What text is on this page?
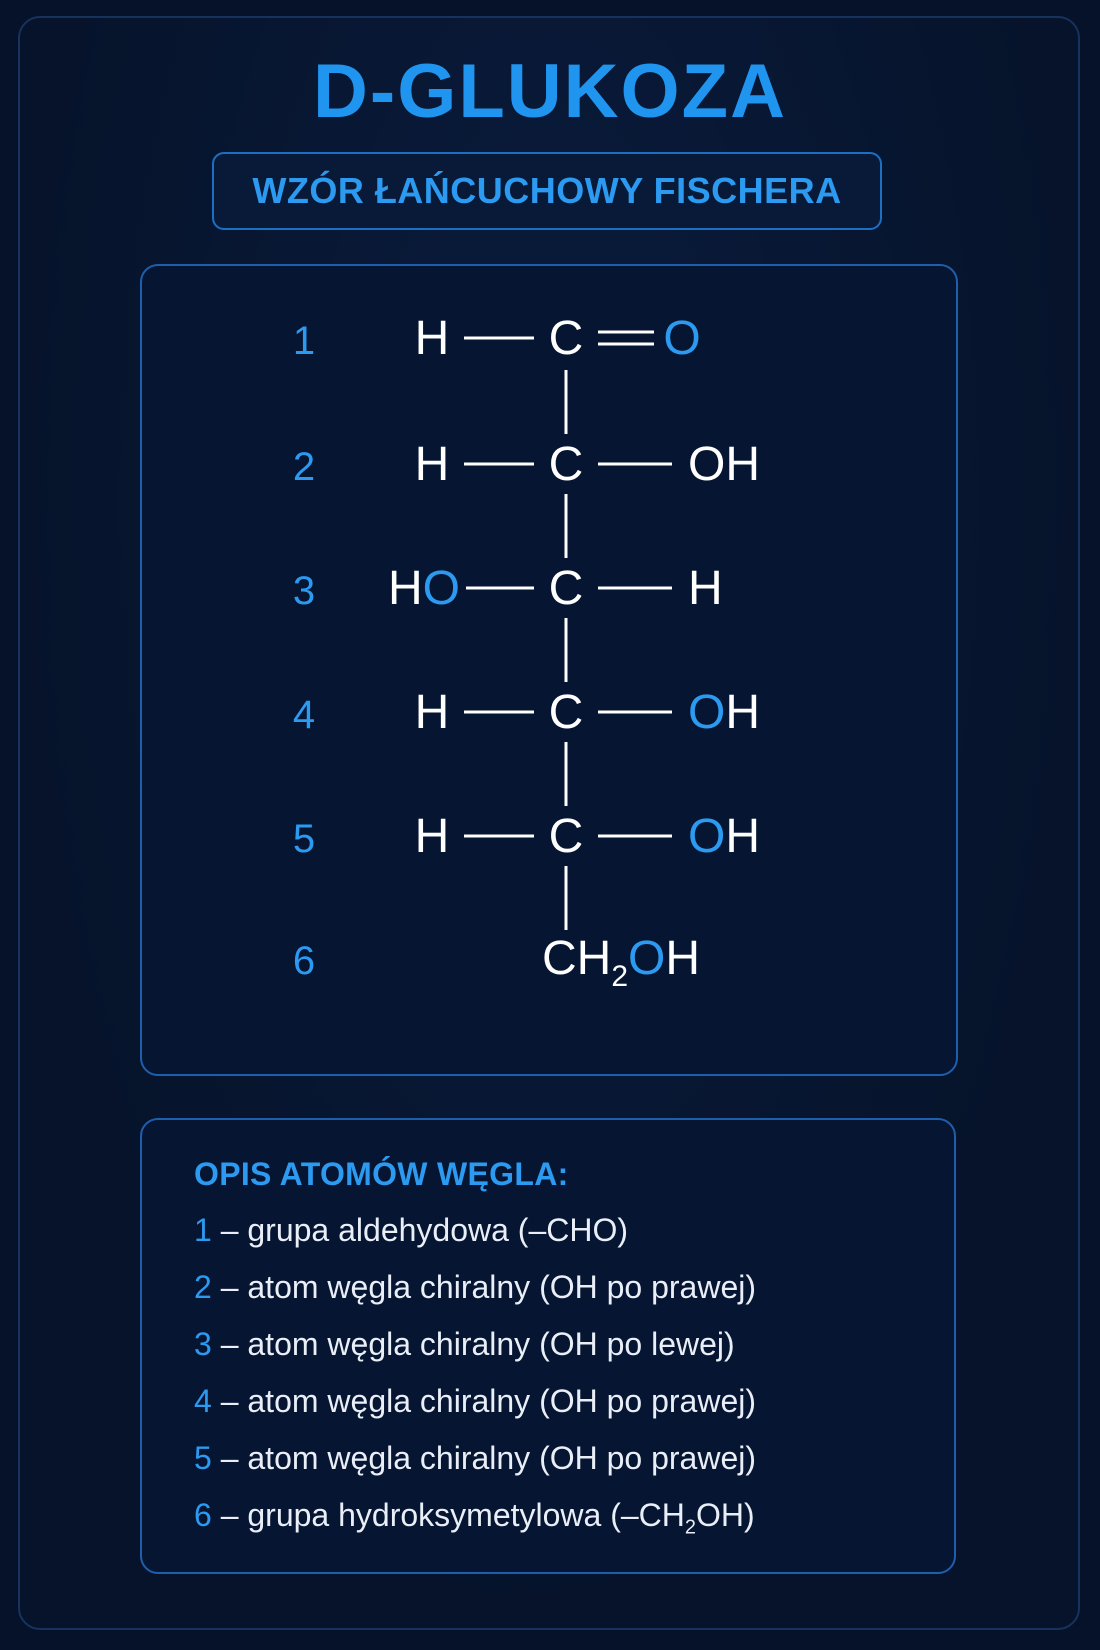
D-GLUKOZA
WZÓR ŁAŃCUCHOWY FISCHERA
1
2
3
4
5
6
H C O
H C OH
HO C H
H C OH
H C OH
$CH_2OH$
OPIS ATOMÓW WĘGLA:
1 – grupa aldehydowa (–CHO)
2 – atom węgla chiralny (OH po prawej)
3 – atom węgla chiralny (OH po lewej)
4 – atom węgla chiralny (OH po prawej)
5 – atom węgla chiralny (OH po prawej)
6 – grupa hydroksymetylowa $(-CH_2OH)$
